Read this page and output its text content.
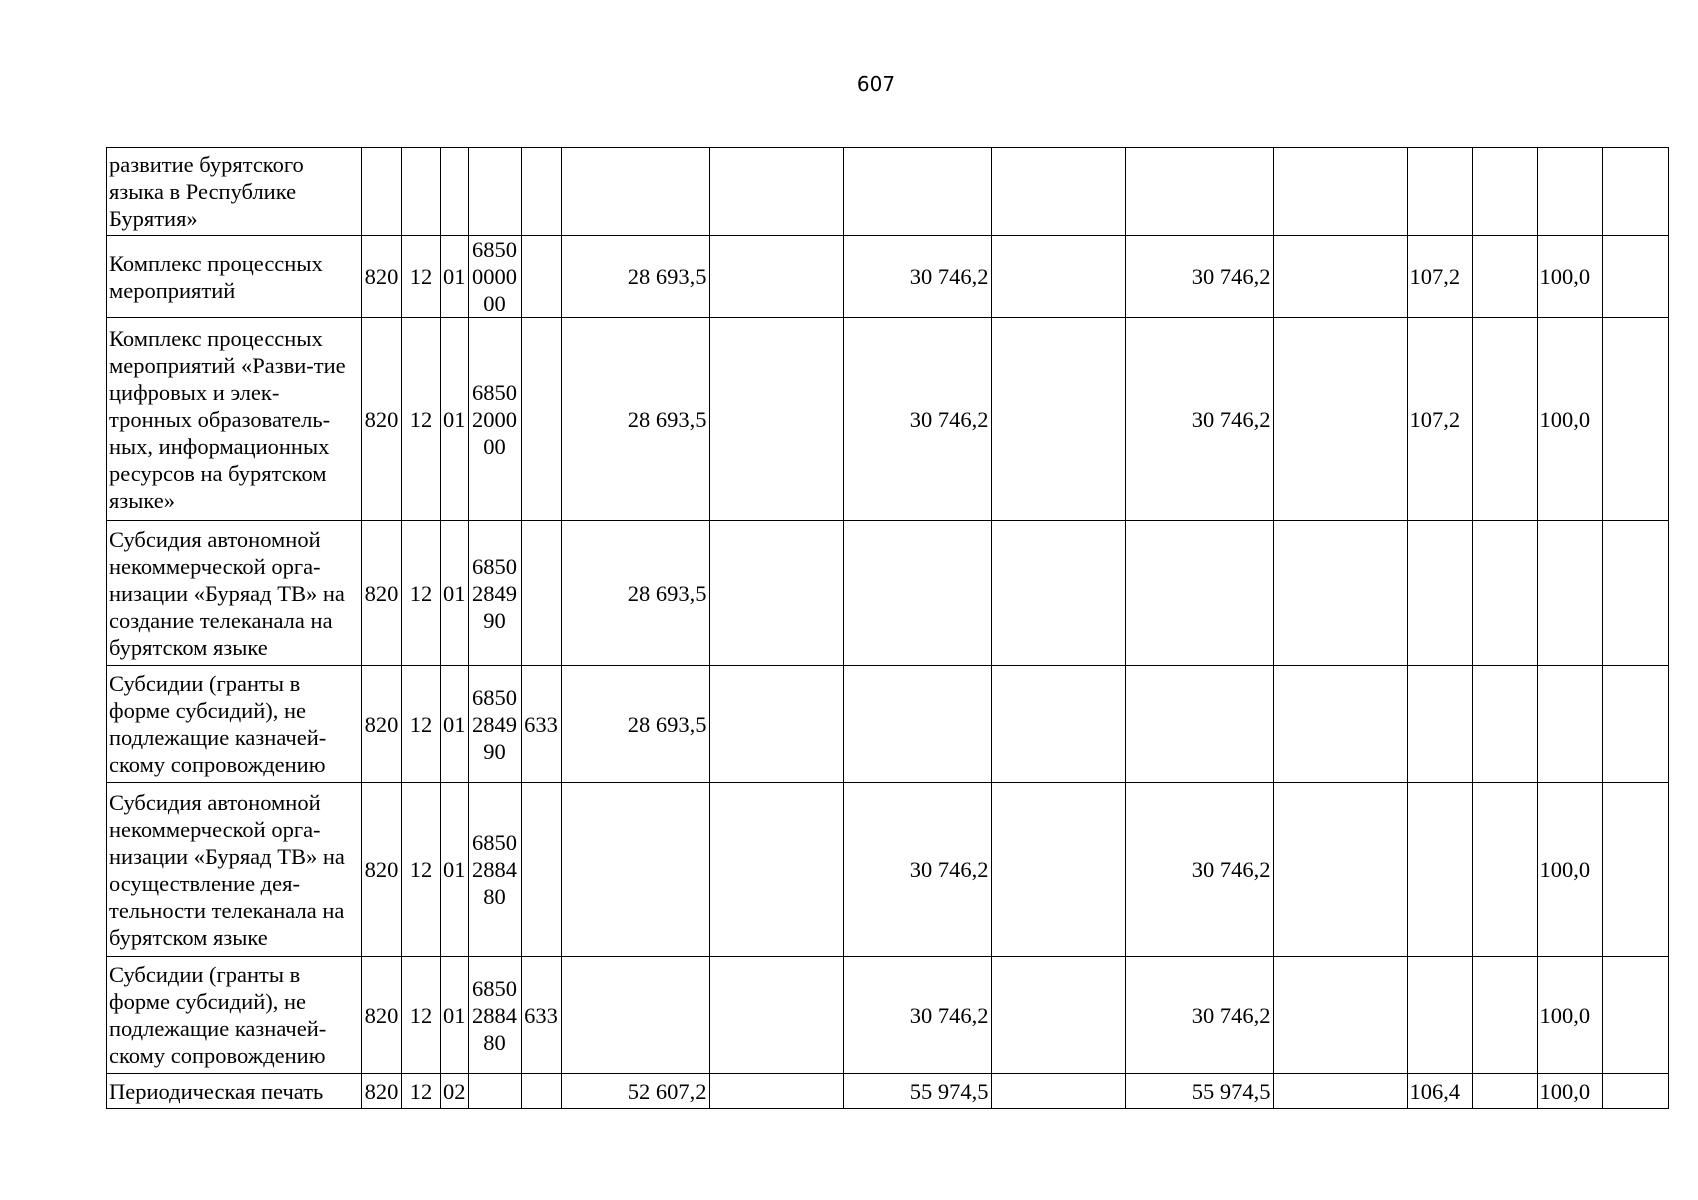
607
развитие бурятского языка в Республике Бурятия»															
Комплекс процессных мероприятий	820	12	01	6850000000		28 693,5		30 746,2		30 746,2		107,2		100,0	
Комплекс процессных мероприятий «Разви-тие цифровых и элек-тронных образователь-ных, информационных ресурсов на бурятском языке»	820	12	01	6850200000		28 693,5		30 746,2		30 746,2		107,2		100,0	
Субсидия автономной некоммерческой орга-низации «Буряад ТВ» на создание телеканала на бурятском языке	820	12	01	6850284990		28 693,5									
Субсидии (гранты в форме субсидий), не подлежащие казначей-скому сопровождению	820	12	01	6850284990	633	28 693,5									
Субсидия автономной некоммерческой орга-низации «Буряад ТВ» на осуществление дея-тельности телеканала на бурятском языке	820	12	01	6850288480				30 746,2		30 746,2				100,0	
Субсидии (гранты в форме субсидий), не подлежащие казначей-скому сопровождению	820	12	01	6850288480	633			30 746,2		30 746,2				100,0	
Периодическая печать	820	12	02			52 607,2		55 974,5		55 974,5		106,4		100,0	
